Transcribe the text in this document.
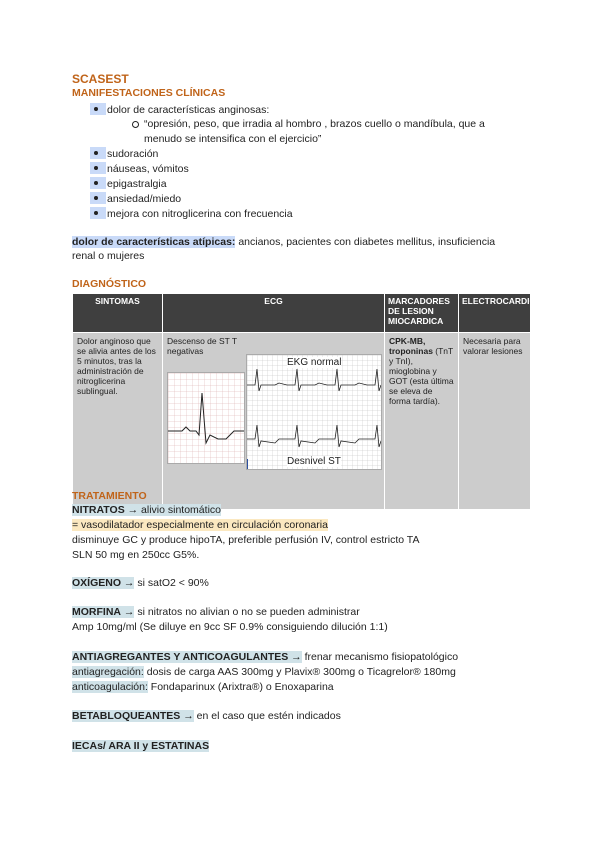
SCASEST
MANIFESTACIONES CLÍNICAS
dolor de características anginosas:
“opresión, peso, que irradia al hombro , brazos cuello o mandíbula, que a
menudo se intensifica con el ejercicio”
sudoración
náuseas, vómitos
epigastralgia
ansiedad/miedo
mejora con nitroglicerina con frecuencia
dolor de características atípicas: ancianos, pacientes con diabetes mellitus, insuficiencia
renal o mujeres
DIAGNÓSTICO
SINTOMAS	ECG	MARCADORES DE LESION MIOCARDICA	ELECTROCARDIOGRAFÍA
Dolor anginoso que se alivia antes de los 5 minutos, tras la administración de nitroglicerina sublingual.	Descenso de ST T negativas	CPK-MB, troponinas (TnT y TnI), mioglobina y GOT (esta última se eleva de forma tardía).	Necesaria para valorar lesiones
EKG normal
Desnivel ST
TRATAMIENTO
NITRATOS → alivio sintomático
= vasodilatador especialmente en circulación coronaria
disminuye GC y produce hipoTA, preferible perfusión IV, control estricto TA
SLN 50 mg en 250cc G5%.
OXÍGENO → si satO2 < 90%
MORFINA → si nitratos no alivian o no se pueden administrar
Amp 10mg/ml (Se diluye en 9cc SF 0.9% consiguiendo dilución 1:1)
ANTIAGREGANTES Y ANTICOAGULANTES → frenar mecanismo fisiopatológico
antiagregación: dosis de carga AAS 300mg y Plavix® 300mg o Ticagrelor® 180mg
anticoagulación: Fondaparinux (Arixtra®) o Enoxaparina
BETABLOQUEANTES → en el caso que estén indicados
IECAs/ ARA II y ESTATINAS
